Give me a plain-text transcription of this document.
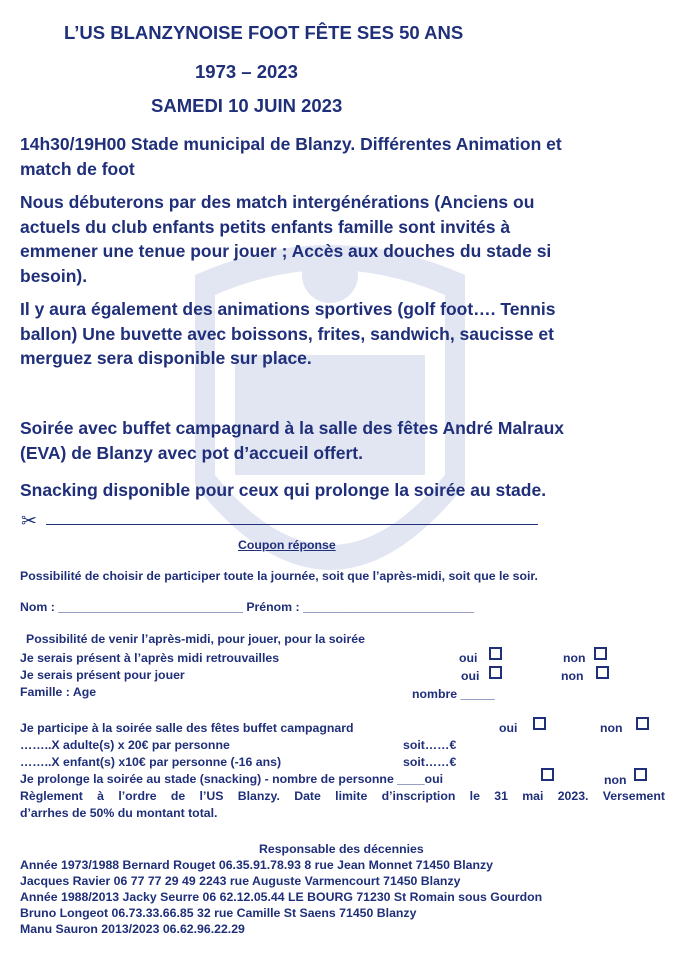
L’US BLANZYNOISE FOOT FÊTE SES 50 ANS
1973 – 2023
SAMEDI 10 JUIN 2023
14h30/19H00 Stade municipal de Blanzy. Différentes Animation et
match de foot
Nous débuterons par des match intergénérations (Anciens ou
actuels du club enfants petits enfants famille sont invités à
emmener une tenue pour jouer ; Accès aux douches du stade si
besoin).
Il y aura également des animations sportives (golf foot…. Tennis
ballon) Une buvette avec boissons, frites, sandwich, saucisse et
merguez sera disponible sur place.
Soirée avec buffet campagnard à la salle des fêtes André Malraux
(EVA) de Blanzy avec pot d’accueil offert.
Snacking disponible pour ceux qui prolonge la soirée au stade.
✂
Coupon réponse
Possibilité de choisir de participer toute la journée, soit que l’après-midi, soit que le soir.
Nom : ___________________________ Prénom : _________________________
Possibilité de venir l’après-midi, pour jouer, pour la soirée
Je serais présent à l’après midi retrouvailles	oui	non
Je serais présent pour jouer	oui	non
Famille : Age	nombre _____
Je participe à la soirée salle des fêtes buffet campagnard	oui	non
……..X adulte(s) x 20€ par personne	soit……€
……..X enfant(s) x10€ par personne (-16 ans)	soit……€
Je prolonge la soirée au stade (snacking) - nombre de personne ____oui	non
Règlement à l’ordre de l’US Blanzy. Date limite d’inscription le 31 mai 2023. Versement
d’arrhes de 50% du montant total.
Responsable des décennies
Année 1973/1988 Bernard Rouget 06.35.91.78.93 8 rue Jean Monnet 71450 Blanzy
Jacques Ravier 06 77 77 29 49 2243 rue Auguste Varmencourt 71450 Blanzy
Année 1988/2013 Jacky Seurre 06 62.12.05.44 LE BOURG 71230 St Romain sous Gourdon
Bruno Longeot 06.73.33.66.85 32 rue Camille St Saens 71450 Blanzy
Manu Sauron 2013/2023 06.62.96.22.29
